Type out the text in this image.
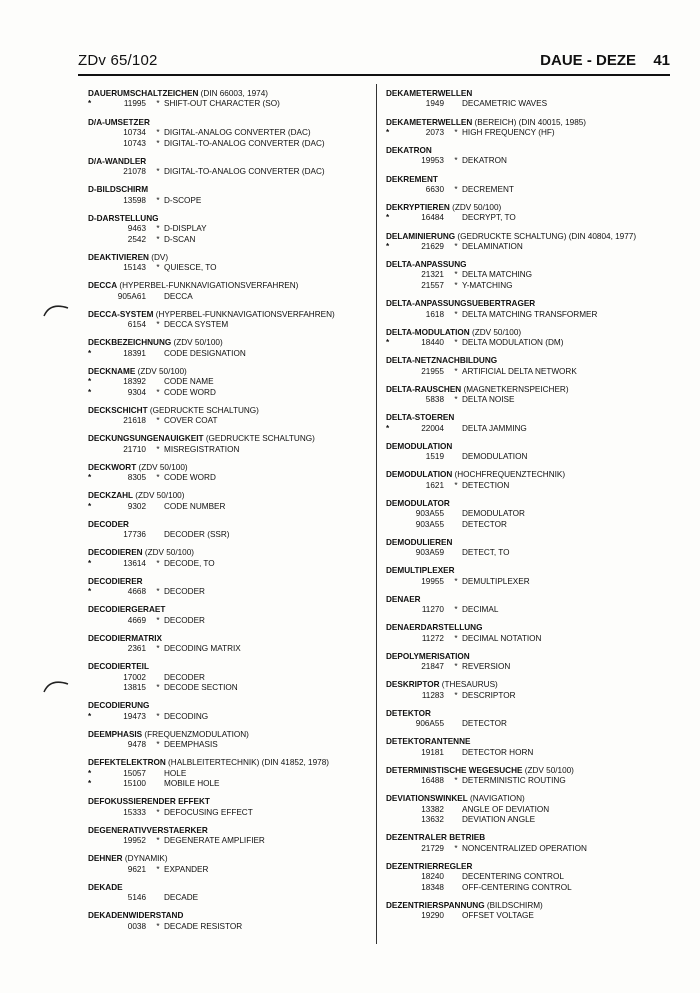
ZDv 65/102	DAUE - DEZE 41
DAUERUMSCHALTZEICHEN (DIN 66003, 1974)
*	11995	* SHIFT-OUT CHARACTER (SO)
D/A-UMSETZER
10734	* DIGITAL-ANALOG CONVERTER (DAC)
10743	* DIGITAL-TO-ANALOG CONVERTER (DAC)
D/A-WANDLER
21078	* DIGITAL-TO-ANALOG CONVERTER (DAC)
D-BILDSCHIRM
13598	* D-SCOPE
D-DARSTELLUNG
9463	* D-DISPLAY
2542	* D-SCAN
DEAKTIVIEREN (DV)
15143	* QUIESCE, TO
DECCA (HYPERBEL-FUNKNAVIGATIONSVERFAHREN)
905A61	DECCA
DECCA-SYSTEM (HYPERBEL-FUNKNAVIGATIONSVERFAHREN)
6154	* DECCA SYSTEM
DECKBEZEICHNUNG (ZDV 50/100)
*	18391	CODE DESIGNATION
DECKNAME (ZDV 50/100)
*	18392	CODE NAME
*	9304	* CODE WORD
DECKSCHICHT (GEDRUCKTE SCHALTUNG)
21618	* COVER COAT
DECKUNGSUNGENAUIGKEIT (GEDRUCKTE SCHALTUNG)
21710	* MISREGISTRATION
DECKWORT (ZDV 50/100)
*	8305	* CODE WORD
DECKZAHL (ZDV 50/100)
*	9302	CODE NUMBER
DECODER
17736	DECODER (SSR)
DECODIEREN (ZDV 50/100)
*	13614	* DECODE, TO
DECODIERER
*	4668	* DECODER
DECODIERGERAET
4669	* DECODER
DECODIERMATRIX
2361	* DECODING MATRIX
DECODIERTEIL
17002	DECODER
13815	* DECODE SECTION
DECODIERUNG
*	19473	* DECODING
DEEMPHASIS (FREQUENZMODULATION)
9478	* DEEMPHASIS
DEFEKTELEKTRON (HALBLEITERTECHNIK) (DIN 41852, 1978)
*	15057	HOLE
*	15100	MOBILE HOLE
DEFOKUSSIERENDER EFFEKT
15333	* DEFOCUSING EFFECT
DEGENERATIVVERSTAERKER
19952	* DEGENERATE AMPLIFIER
DEHNER (DYNAMIK)
9621	* EXPANDER
DEKADE
5146	DECADE
DEKADENWIDERSTAND
0038	* DECADE RESISTOR
DEKAMETERWELLEN
1949	DECAMETRIC WAVES
DEKAMETERWELLEN (BEREICH) (DIN 40015, 1985)
*	2073	* HIGH FREQUENCY (HF)
DEKATRON
19953	* DEKATRON
DEKREMENT
6630	* DECREMENT
DEKRYPTIEREN (ZDV 50/100)
*	16484	DECRYPT, TO
DELAMINIERUNG (GEDRUCKTE SCHALTUNG) (DIN 40804, 1977)
*	21629	* DELAMINATION
DELTA-ANPASSUNG
21321	* DELTA MATCHING
21557	* Y-MATCHING
DELTA-ANPASSUNGSUEBERTRAGER
1618	* DELTA MATCHING TRANSFORMER
DELTA-MODULATION (ZDV 50/100)
*	18440	* DELTA MODULATION (DM)
DELTA-NETZNACHBILDUNG
21955	* ARTIFICIAL DELTA NETWORK
DELTA-RAUSCHEN (MAGNETKERNSPEICHER)
5838	* DELTA NOISE
DELTA-STOEREN
*	22004	DELTA JAMMING
DEMODULATION
1519	DEMODULATION
DEMODULATION (HOCHFREQUENZTECHNIK)
1621	* DETECTION
DEMODULATOR
903A55	DEMODULATOR
903A55	DETECTOR
DEMODULIEREN
903A59	DETECT, TO
DEMULTIPLEXER
19955	* DEMULTIPLEXER
DENAER
11270	* DECIMAL
DENAERDARSTELLUNG
11272	* DECIMAL NOTATION
DEPOLYMERISATION
21847	* REVERSION
DESKRIPTOR (THESAURUS)
11283	* DESCRIPTOR
DETEKTOR
906A55	DETECTOR
DETEKTORANTENNE
19181	DETECTOR HORN
DETERMINISTISCHE WEGESUCHE (ZDV 50/100)
16488	* DETERMINISTIC ROUTING
DEVIATIONSWINKEL (NAVIGATION)
13382	ANGLE OF DEVIATION
13632	DEVIATION ANGLE
DEZENTRALER BETRIEB
21729	* NONCENTRALIZED OPERATION
DEZENTRIERREGLER
18240	DECENTERING CONTROL
18348	OFF-CENTERING CONTROL
DEZENTRIERSPANNUNG (BILDSCHIRM)
19290	OFFSET VOLTAGE
